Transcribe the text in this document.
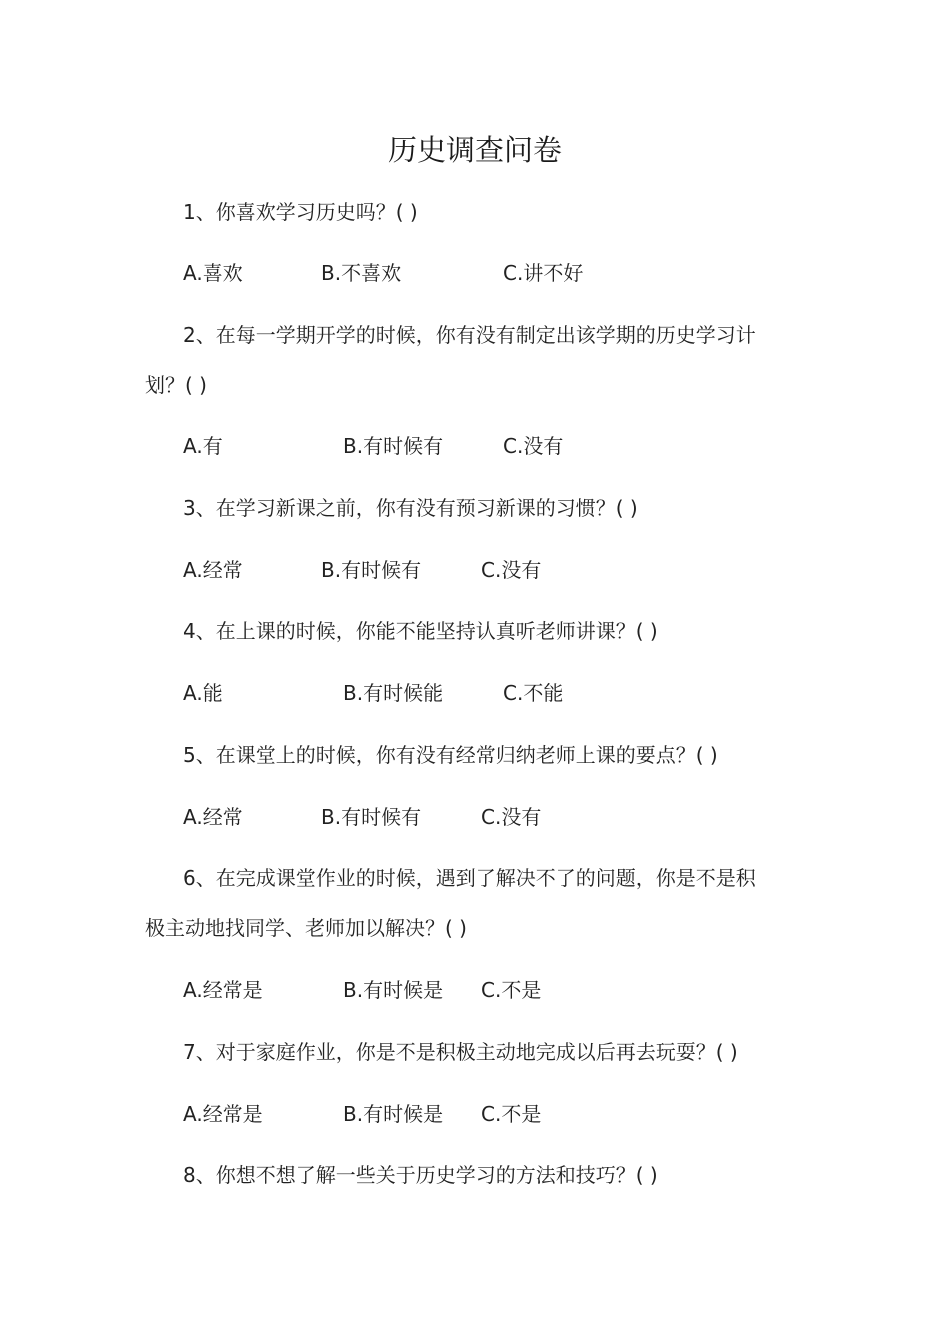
历史调查问卷
1、你喜欢学习历史吗？( )
A.喜欢	B.不喜欢	C.讲不好
2、在每一学期开学的时候，你有没有制定出该学期的历史学习计
划？( )
A.有	B.有时候有	C.没有
3、在学习新课之前，你有没有预习新课的习惯？( )
A.经常	B.有时候有	C.没有
4、在上课的时候，你能不能坚持认真听老师讲课？( )
A.能	B.有时候能	C.不能
5、在课堂上的时候，你有没有经常归纳老师上课的要点？( )
A.经常	B.有时候有	C.没有
6、在完成课堂作业的时候，遇到了解决不了的问题，你是不是积
极主动地找同学、老师加以解决？( )
A.经常是	B.有时候是 C.不是
7、对于家庭作业，你是不是积极主动地完成以后再去玩耍？( )
A.经常是	B.有时候是 C.不是
8、你想不想了解一些关于历史学习的方法和技巧？( )
